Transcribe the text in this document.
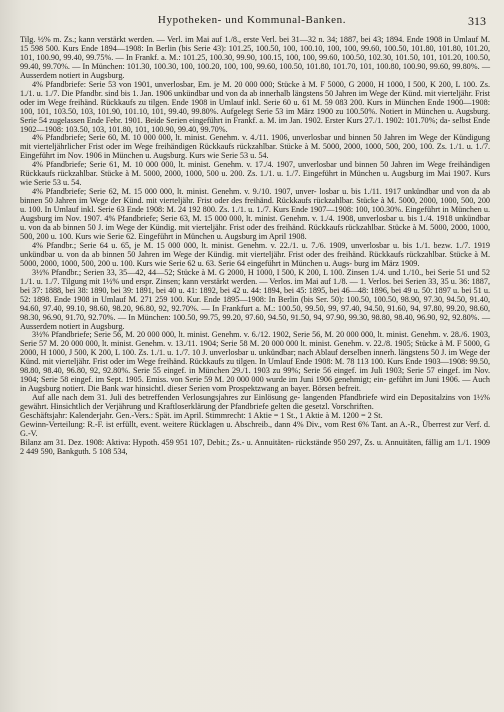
Hypotheken- und Kommunal-Banken.	313

Tilg. ½% m. Zs.; kann verstärkt werden. — Verl. im Mai auf 1./8., erste Verl. bei 31—32 n. 34; 1887, bei 43; 1894. Ende 1908 in Umlauf M. 15 598 500. Kurs Ende 1894—1908: In Berlin (bis Serie 43): 101.25, 100.50, 100, 100.10, 100, 100, 99.60, 100.50, 101.80, 101.80, 101.20, 101, 100.90, 99.40, 99.75%. — In Frankf. a. M.: 101.25, 100.30, 99.90, 100.15, 100, 100, 99.60, 100.50, 102.30, 101.50, 101, 101.20, 100.50, 99.40, 99.70%. — In München: 101.30, 100.30, 100, 100.20, 100, 100, 99.60, 100.50, 101.80, 101.70, 101, 100.80, 100.90, 99.60, 99.80%. — Ausserdem notiert in Augsburg.

4% Pfandbriefe: Serie 53 von 1901, unverlosbar, Em. je M. 20 000 000; Stücke à M. F 5000, G 2000, H 1000, I 500, K 200, L 100. Zs. 1./1. u. 1./7. Die Pfandbr. sind bis 1. Jan. 1906 unkündbar und von da ab innerhalb längstens 50 Jahren im Wege der Künd. mit vierteljähr. Frist oder im Wege freihänd. Rückkaufs zu tilgen. Ende 1908 in Umlauf inkl. Serie 60 u. 61 M. 59 083 200. Kurs in München Ende 1900—1908: 100, 101, 103.50, 103, 101.90, 101.10, 101, 99.40, 99.80%. Aufgelegt Serie 53 im März 1900 zu 100.50%. Notiert in München u. Augsburg. Serie 54 zugelassen Ende Febr. 1901. Beide Serien eingeführt in Frankf. a. M. im Jan. 1902. Erster Kurs 27./1. 1902: 101.70%; da- selbst Ende 1902—1908: 103.50, 103, 101.80, 101, 100.90, 99.40, 99.70%.

4% Pfandbriefe; Serie 60, M. 10 000 000, lt. minist. Genehm. v. 4./11. 1906, unverlosbar und binnen 50 Jahren im Wege der Kündigung mit vierteljährlicher Frist oder im Wege freihändigen Rückkaufs rückzahlbar. Stücke à M. 5000, 2000, 1000, 500, 200, 100. Zs. 1./1. u. 1./7. Eingeführt im Nov. 1906 in München u. Augsburg. Kurs wie Serie 53 u. 54.

4% Pfandbriefe; Serie 61, M. 10 000 000, lt. minist. Genehm. v. 17./4. 1907, unverlosbar und binnen 50 Jahren im Wege freihändigen Rückkaufs rückzahlbar. Stücke à M. 5000, 2000, 1000, 500 u. 200. Zs. 1./1. u. 1./7. Eingeführt in München u. Augsburg im Mai 1907. Kurs wie Serie 53 u. 54.

4% Pfandbriefe; Serie 62, M. 15 000 000, lt. minist. Genehm. v. 9./10. 1907, unver- losbar u. bis 1./11. 1917 unkündbar und von da ab binnen 50 Jahren im Wege der Künd. mit vierteljähr. Frist oder des freihänd. Rückkaufs rückzahlbar. Stücke à M. 5000, 2000, 1000, 500, 200 u. 100. In Umlauf inkl. Serie 63 Ende 1908: M. 24 192 800. Zs. 1./1. u. 1./7. Kurs Ende 1907—1908: 100, 100.30%. Eingeführt in München u. Augsburg im Nov. 1907. 4% Pfandbriefe; Serie 63, M. 15 000 000, lt. minist. Genehm. v. 1./4. 1908, unverlosbar u. bis 1./4. 1918 unkündbar u. von da ab binnen 50 J. im Wege der Kündig. mit vierteljähr. Frist oder des freihänd. Rückkaufs rückzahlbar. Stücke à M. 5000, 2000, 1000, 500, 200 u. 100. Kurs wie Serie 62. Eingeführt in München u. Augsburg im April 1908.

4% Pfandbr.; Serie 64 u. 65, je M. 15 000 000, lt. minist. Genehm. v. 22./1. u. 7./6. 1909, unverlosbar u. bis 1./1. bezw. 1./7. 1919 unkündbar u. von da ab binnen 50 Jahren im Wege der Kündig. mit vierteljähr. Frist oder des freihänd. Rückkaufs rückzahlbar. Stücke à M. 5000, 2000, 1000, 500, 200 u. 100. Kurs wie Serie 62 u. 63. Serie 64 eingeführt in München u. Augs- burg im März 1909.

3½% Pfandbr.; Serien 33, 35—42, 44—52; Stücke à M. G 2000, H 1000, I 500, K 200, L 100. Zinsen 1./4. und 1./10., bei Serie 51 und 52 1./1. u. 1./7. Tilgung mit 1½% und erspr. Zinsen; kann verstärkt werden. — Verlos. im Mai auf 1./8. — 1. Verlos. bei Serien 33, 35 u. 36: 1887, bei 37: 1888, bei 38: 1890, bei 39: 1891, bei 40 u. 41: 1892, bei 42 u. 44: 1894, bei 45: 1895, bei 46—48: 1896, bei 49 u. 50: 1897 u. bei 51 u. 52: 1898. Ende 1908 in Umlauf M. 271 259 100. Kur. Ende 1895—1908: In Berlin (bis Ser. 50): 100.50, 100.50, 98.90, 97.30, 94.50, 91.40, 94.60, 97.40, 99.10, 98.60, 98.20, 96.80, 92, 92.70%. — In Frankfurt a. M.: 100.50, 99.50, 99, 97.40, 94.50, 91.60, 94, 97.80, 99.20, 98.60, 98.30, 96.90, 91.70, 92.70%. — In München: 100.50, 99.75, 99.20, 97.60, 94.50, 91.50, 94, 97.90, 99.30, 98.80, 98.40, 96.90, 92, 92.80%. — Ausserdem notiert in Augsburg.

3½% Pfandbriefe; Serie 56, M. 20 000 000, lt. minist. Genehm. v. 6./12. 1902, Serie 56, M. 20 000 000, lt. minist. Genehm. v. 28./6. 1903, Serie 57 M. 20 000 000, lt. minist. Genehm. v. 13./11. 1904; Serie 58 M. 20 000 000 lt. minist. Genehm. v. 22./8. 1905; Stücke à M. F 5000, G 2000, H 1000, J 500, K 200, L 100. Zs. 1./1. u. 1./7. 10 J. unverlosbar u. unkündbar; nach Ablauf derselben innerh. längstens 50 J. im Wege der Künd. mit vierteljähr. Frist oder im Wege freihänd. Rückkaufs zu tilgen. In Umlauf Ende 1908: M. 78 113 100. Kurs Ende 1903—1908: 99.50, 98.80, 98.40, 96.80, 92, 92.80%. Serie 55 eingef. in München 29./1. 1903 zu 99%; Serie 56 eingef. im Juli 1903; Serie 57 eingef. im Nov. 1904; Serie 58 eingef. im Sept. 1905. Emiss. von Serie 59 M. 20 000 000 wurde im Juni 1906 genehmigt; ein- geführt im Juni 1906. — Auch in Augsburg notiert. Die Bank war hinsichtl. dieser Serien vom Prospektzwang an bayer. Börsen befreit.

Auf alle nach dem 31. Juli des betreffenden Verlosungsjahres zur Einlösung ge- langenden Pfandbriefe wird ein Depositalzins von 1½% gewährt. Hinsichtlich der Verjährung und Kraftloserklärung der Pfandbriefe gelten die gesetzl. Vorschriften.

Geschäftsjahr: Kalenderjahr. Gen.-Vers.: Spät. im April. Stimmrecht: 1 Aktie = 1 St., 1 Aktie à M. 1200 = 2 St.

Gewinn-Verteilung: R.-F. ist erfüllt, event. weitere Rücklagen u. Abschreib., dann 4% Div., vom Rest 6% Tant. an A.-R., Überrest zur Verf. d. G.-V.

Bilanz am 31. Dez. 1908: Aktiva: Hypoth. 459 951 107, Debit.; Zs.- u. Annuitäten- rückstände 950 297, Zs. u. Annuitäten, fällig am 1./1. 1909 2 449 590, Bankguth. 5 108 534,
